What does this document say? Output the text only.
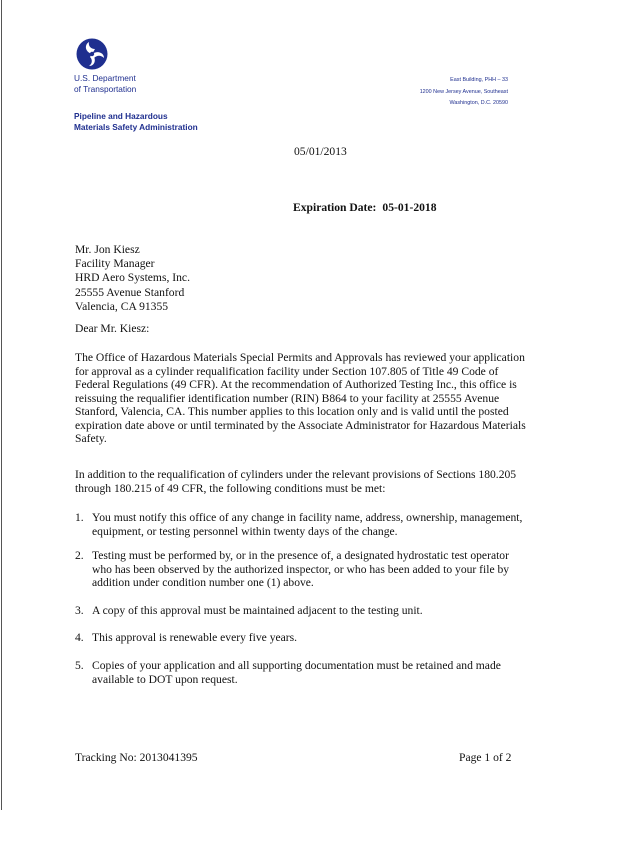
U.S. Department
of Transportation
Pipeline and Hazardous
Materials Safety Administration
East Building, PHH – 33
1200 New Jersey Avenue, Southeast
Washington, D.C. 20590
05/01/2013
Expiration Date: 05-01-2018
Mr. Jon Kiesz
Facility Manager
HRD Aero Systems, Inc.
25555 Avenue Stanford
Valencia, CA 91355
Dear Mr. Kiesz:
The Office of Hazardous Materials Special Permits and Approvals has reviewed your application
for approval as a cylinder requalification facility under Section 107.805 of Title 49 Code of
Federal Regulations (49 CFR). At the recommendation of Authorized Testing Inc., this office is
reissuing the requalifier identification number (RIN) B864 to your facility at 25555 Avenue
Stanford, Valencia, CA. This number applies to this location only and is valid until the posted
expiration date above or until terminated by the Associate Administrator for Hazardous Materials
Safety.
In addition to the requalification of cylinders under the relevant provisions of Sections 180.205
through 180.215 of 49 CFR, the following conditions must be met:
1. You must notify this office of any change in facility name, address, ownership, management,
equipment, or testing personnel within twenty days of the change.
2. Testing must be performed by, or in the presence of, a designated hydrostatic test operator
who has been observed by the authorized inspector, or who has been added to your file by
addition under condition number one (1) above.
3. A copy of this approval must be maintained adjacent to the testing unit.
4. This approval is renewable every five years.
5. Copies of your application and all supporting documentation must be retained and made
available to DOT upon request.
Tracking No: 2013041395	Page 1 of 2
